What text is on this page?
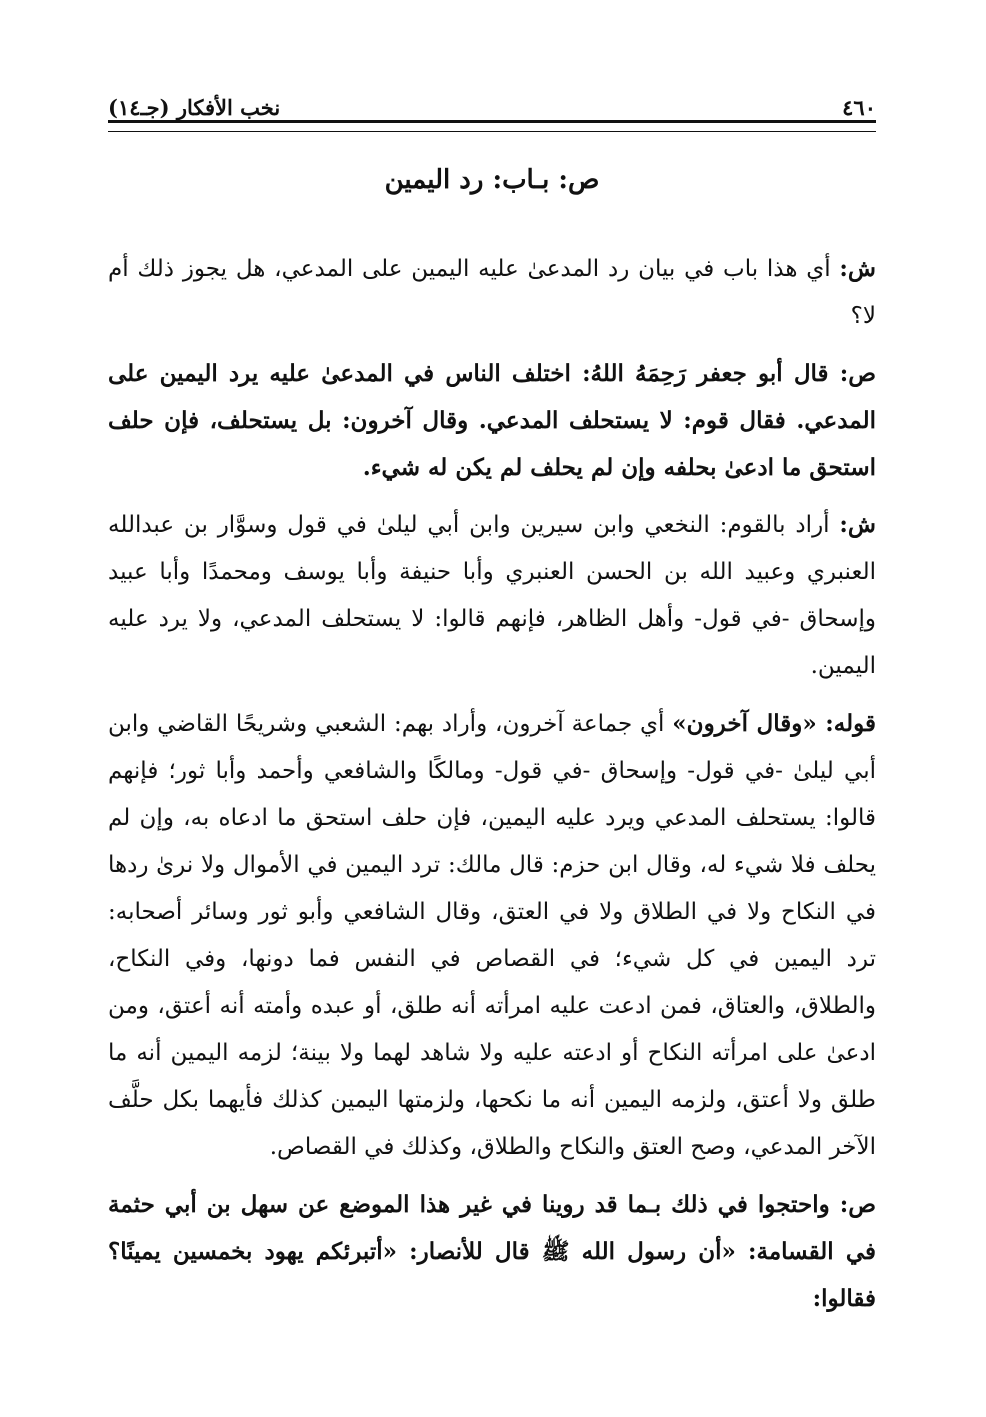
٤٦٠
نخب الأفكار (جـ١٤)
ص: بـاب: رد اليمين

ش: أي هذا باب في بيان رد المدعىٰ عليه اليمين على المدعي، هل يجوز ذلك أم لا؟

ص: قال أبو جعفر رَحِمَهُ اللهُ: اختلف الناس في المدعىٰ عليه يرد اليمين على المدعي. فقال قوم: لا يستحلف المدعي. وقال آخرون: بل يستحلف، فإن حلف استحق ما ادعىٰ بحلفه وإن لم يحلف لم يكن له شيء.

ش: أراد بالقوم: النخعي وابن سيرين وابن أبي ليلىٰ في قول وسوَّار بن عبدالله العنبري وعبيد الله بن الحسن العنبري وأبا حنيفة وأبا يوسف ومحمدًا وأبا عبيد وإسحاق -في قول- وأهل الظاهر، فإنهم قالوا: لا يستحلف المدعي، ولا يرد عليه اليمين.

قوله: «وقال آخرون» أي جماعة آخرون، وأراد بهم: الشعبي وشريحًا القاضي وابن أبي ليلىٰ -في قول- وإسحاق -في قول- ومالكًا والشافعي وأحمد وأبا ثور؛ فإنهم قالوا: يستحلف المدعي ويرد عليه اليمين، فإن حلف استحق ما ادعاه به، وإن لم يحلف فلا شيء له، وقال ابن حزم: قال مالك: ترد اليمين في الأموال ولا نرىٰ ردها في النكاح ولا في الطلاق ولا في العتق، وقال الشافعي وأبو ثور وسائر أصحابه: ترد اليمين في كل شيء؛ في القصاص في النفس فما دونها، وفي النكاح، والطلاق، والعتاق، فمن ادعت عليه امرأته أنه طلق، أو عبده وأمته أنه أعتق، ومن ادعىٰ على امرأته النكاح أو ادعته عليه ولا شاهد لهما ولا بينة؛ لزمه اليمين أنه ما طلق ولا أعتق، ولزمه اليمين أنه ما نكحها، ولزمتها اليمين كذلك فأيهما بكل حلَّف الآخر المدعي، وصح العتق والنكاح والطلاق، وكذلك في القصاص.

ص: واحتجوا في ذلك بـما قد روينا في غير هذا الموضع عن سهل بن أبي حثمة في القسامة: «أن رسول الله ﷺ قال للأنصار: «أتبرئكم يهود بخمسين يمينًا؟ فقالوا:
